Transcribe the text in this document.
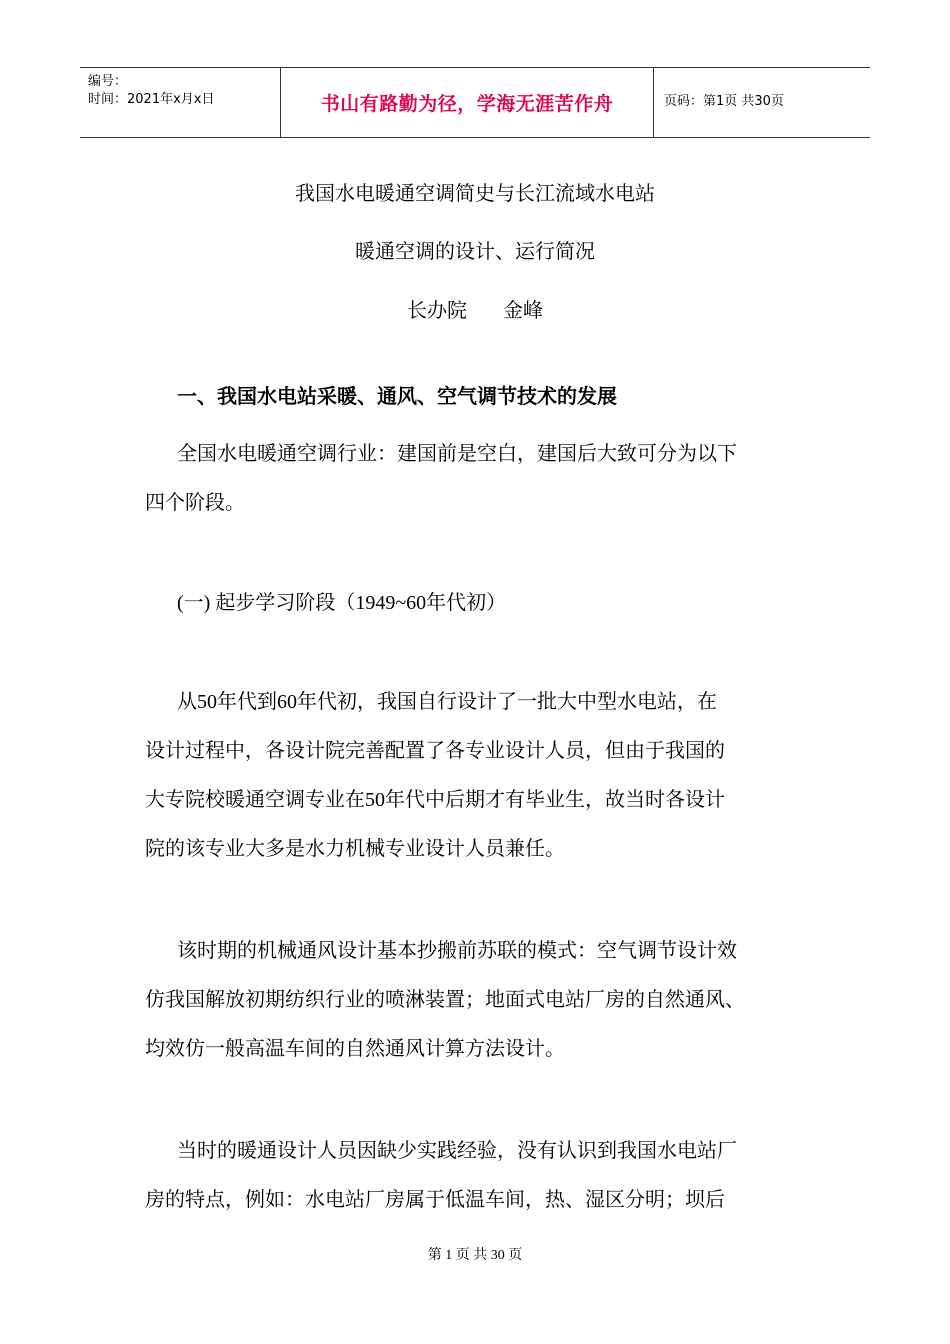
编号：
时间：2021年x月x日	书山有路勤为径，学海无涯苦作舟	页码：第1页 共30页
我国水电暖通空调简史与长江流域水电站
暖通空调的设计、运行简况
长办院 金峰
一、我国水电站采暖、通风、空气调节技术的发展
全国水电暖通空调行业：建国前是空白，建国后大致可分为以下
四个阶段。
(一) 起步学习阶段（1949~60年代初）
从50年代到60年代初，我国自行设计了一批大中型水电站，在
设计过程中，各设计院完善配置了各专业设计人员，但由于我国的
大专院校暖通空调专业在50年代中后期才有毕业生，故当时各设计
院的该专业大多是水力机械专业设计人员兼任。
该时期的机械通风设计基本抄搬前苏联的模式：空气调节设计效
仿我国解放初期纺织行业的喷淋装置；地面式电站厂房的自然通风、
均效仿一般高温车间的自然通风计算方法设计。
当时的暖通设计人员因缺少实践经验，没有认识到我国水电站厂
房的特点，例如：水电站厂房属于低温车间，热、湿区分明；坝后
第 1 页 共 30 页
